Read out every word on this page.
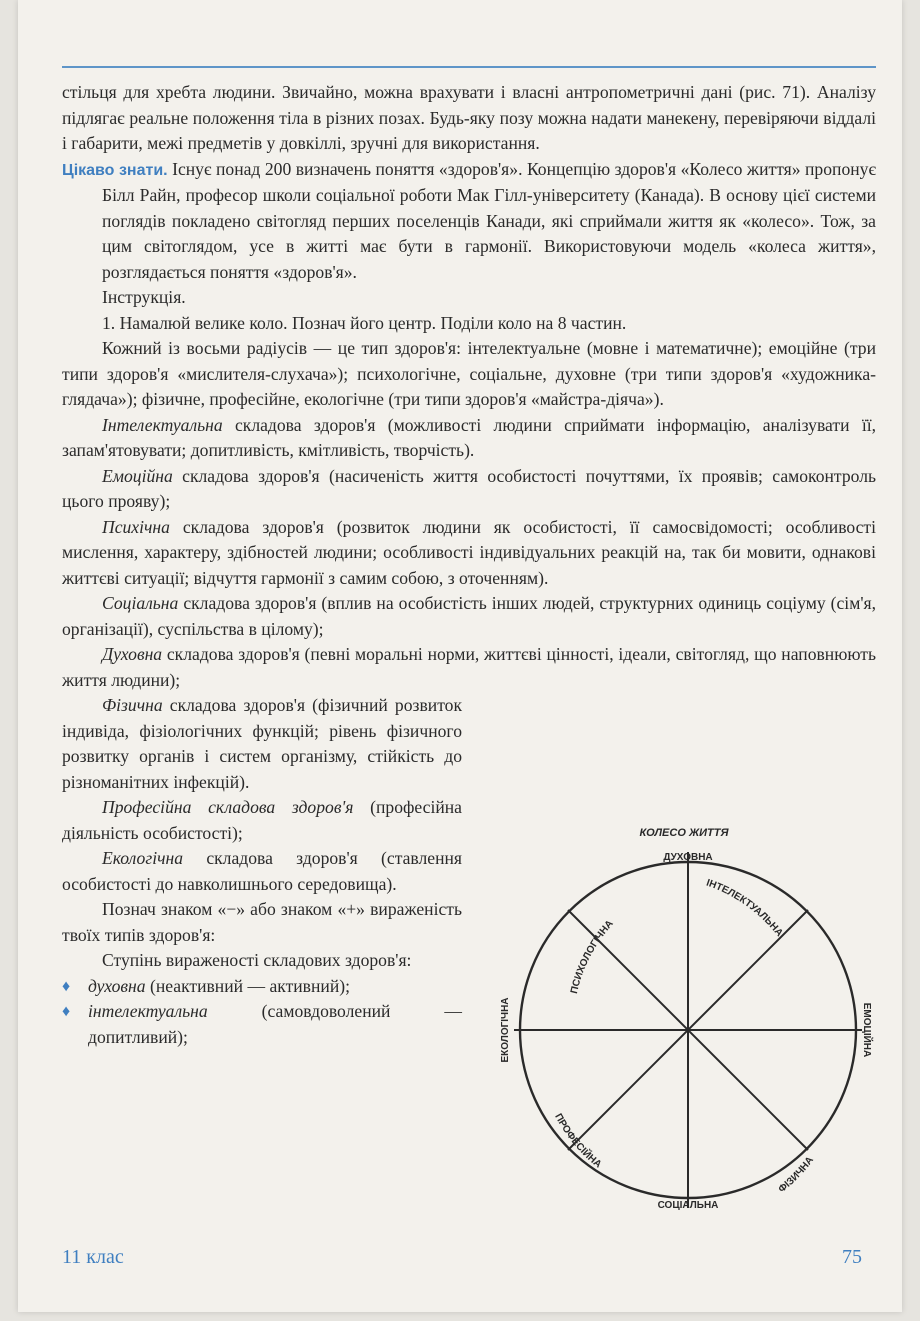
стільця для хребта людини. Звичайно, можна врахувати і власні антропометричні дані (рис. 71). Аналізу підлягає реальне положення тіла в різних позах. Будь-яку позу можна надати манекену, перевіряючи віддалі і габарити, межі предметів у довкіллі, зручні для використання.

Цікаво знати. Існує понад 200 визначень поняття «здоров'я». Концепцію здоров'я «Колесо життя» пропонує Білл Райн, професор школи соціальної роботи Мак Гілл-університету (Канада). В основу цієї системи поглядів покладено світогляд перших поселенців Канади, які сприймали життя як «колесо». Тож, за цим світоглядом, усе в житті має бути в гармонії. Використовуючи модель «колеса життя», розглядається поняття «здоров'я».

Інструкція.

1. Намалюй велике коло. Познач його центр. Поділи коло на 8 частин.

Кожний із восьми радіусів — це тип здоров'я: інтелектуальне (мовне і математичне); емоційне (три типи здоров'я «мислителя-слухача»); психологічне, соціальне, духовне (три типи здоров'я «художника-глядача»); фізичне, професійне, екологічне (три типи здоров'я «майстра-діяча»).

Інтелектуальна складова здоров'я (можливості людини сприймати інформацію, аналізувати її, запам'ятовувати; допитливість, кмітливість, творчість).

Емоційна складова здоров'я (насиченість життя особистості почуттями, їх проявів; самоконтроль цього прояву);

Психічна складова здоров'я (розвиток людини як особистості, її самосвідомості; особливості мислення, характеру, здібностей людини; особливості індивідуальних реакцій на, так би мовити, однакові життєві ситуації; відчуття гармонії з самим собою, з оточенням).

Соціальна складова здоров'я (вплив на особистість інших людей, структурних одиниць соціуму (сім'я, організації), суспільства в цілому);

Духовна складова здоров'я (певні моральні норми, життєві цінності, ідеали, світогляд, що наповнюють життя людини);

Фізична складова здоров'я (фізичний розвиток індивіда, фізіологічних функцій; рівень фізичного розвитку органів і систем організму, стійкість до різноманітних інфекцій).

Професійна складова здоров'я (професійна діяльність особистості);

Екологічна складова здоров'я (ставлення особистості до навколишнього середовища).

Познач знаком «−» або знаком «+» вираженість твоїх типів здоров'я:

Ступінь вираженості складових здоров'я:

♦ духовна (неактивний — активний);

♦ інтелектуальна (самовдоволений — допитливий);

КОЛЕСО ЖИТТЯ
ДУХОВНА
ПСИХОЛОГІЧНА
ІНТЕЛЕКТУАЛЬНА
ЕМОЦІЙНА
ЕКОЛОГІЧНА
ПРОФЕСІЙНА
ФІЗИЧНА
СОЦІАЛЬНА
11 клас	75
